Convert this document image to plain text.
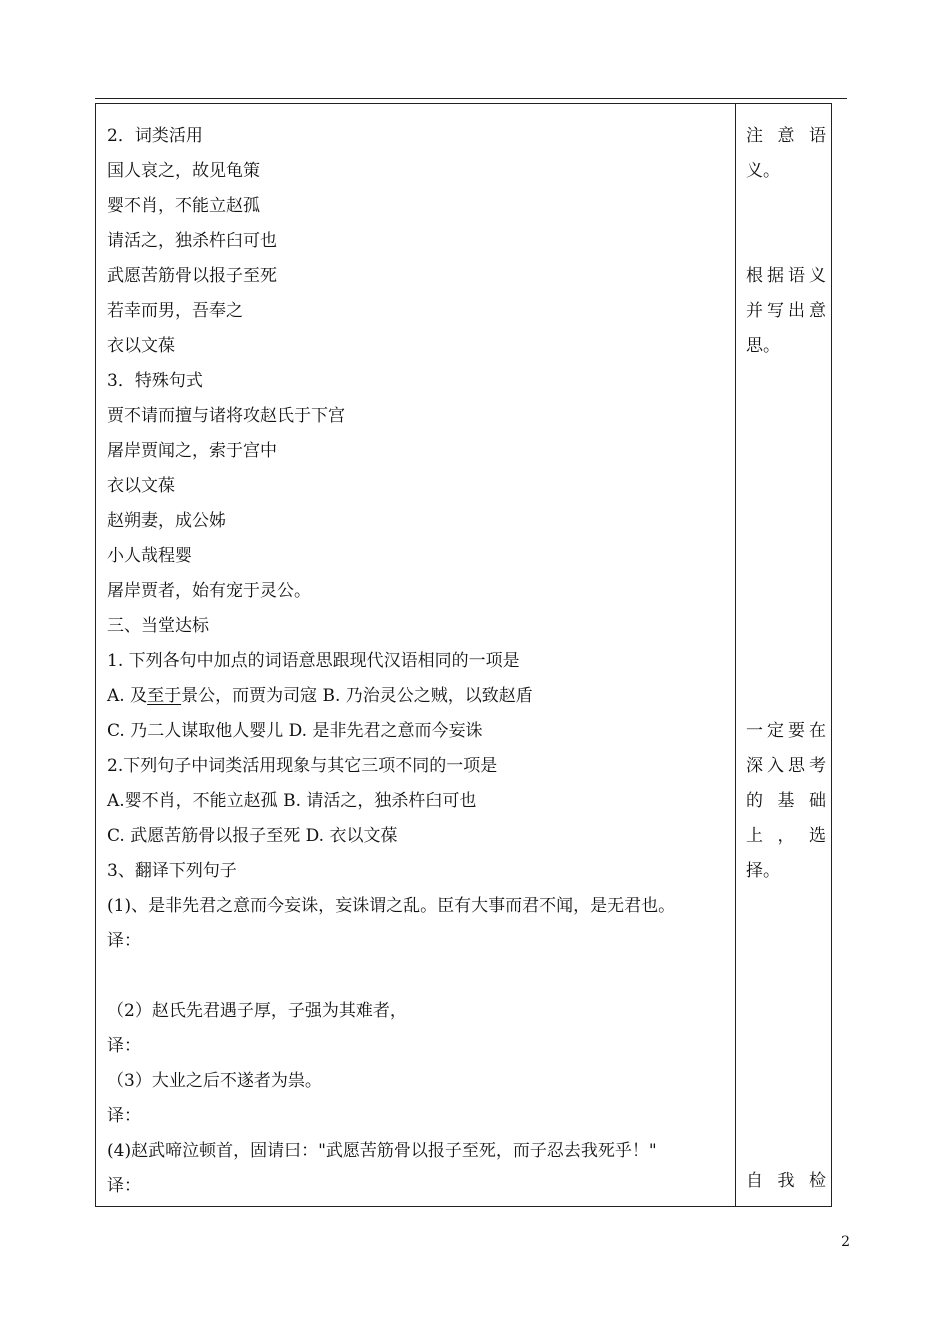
2．词类活用
国人哀之，故见龟策
婴不肖，不能立赵孤
请活之，独杀杵臼可也
武愿苦筋骨以报子至死
若幸而男，吾奉之
衣以文葆
3．特殊句式
贾不请而擅与诸将攻赵氏于下宫
屠岸贾闻之，索于宫中
衣以文葆
赵朔妻，成公姊
小人哉程婴
屠岸贾者，始有宠于灵公。
三、当堂达标
1. 下列各句中加点的词语意思跟现代汉语相同的一项是
A. 及至于景公，而贾为司寇 B. 乃治灵公之贼，以致赵盾
C. 乃二人谋取他人婴儿 D. 是非先君之意而今妄诛
2.下列句子中词类活用现象与其它三项不同的一项是
A.婴不肖，不能立赵孤 B. 请活之，独杀杵臼可也
C. 武愿苦筋骨以报子至死 D. 衣以文葆
3、翻译下列句子
(1)、是非先君之意而今妄诛，妄诛谓之乱。臣有大事而君不闻，是无君也。
译：
（2）赵氏先君遇子厚，子强为其难者，
译：
（3）大业之后不遂者为祟。
译：
(4)赵武啼泣顿首，固请曰："武愿苦筋骨以报子至死，而子忍去我死乎！"
译：
注 意 语
义。
根据语义
并写出意
思。
一定要在
深入思考
的 基 础
上 ， 选
择。
自 我 检
2
